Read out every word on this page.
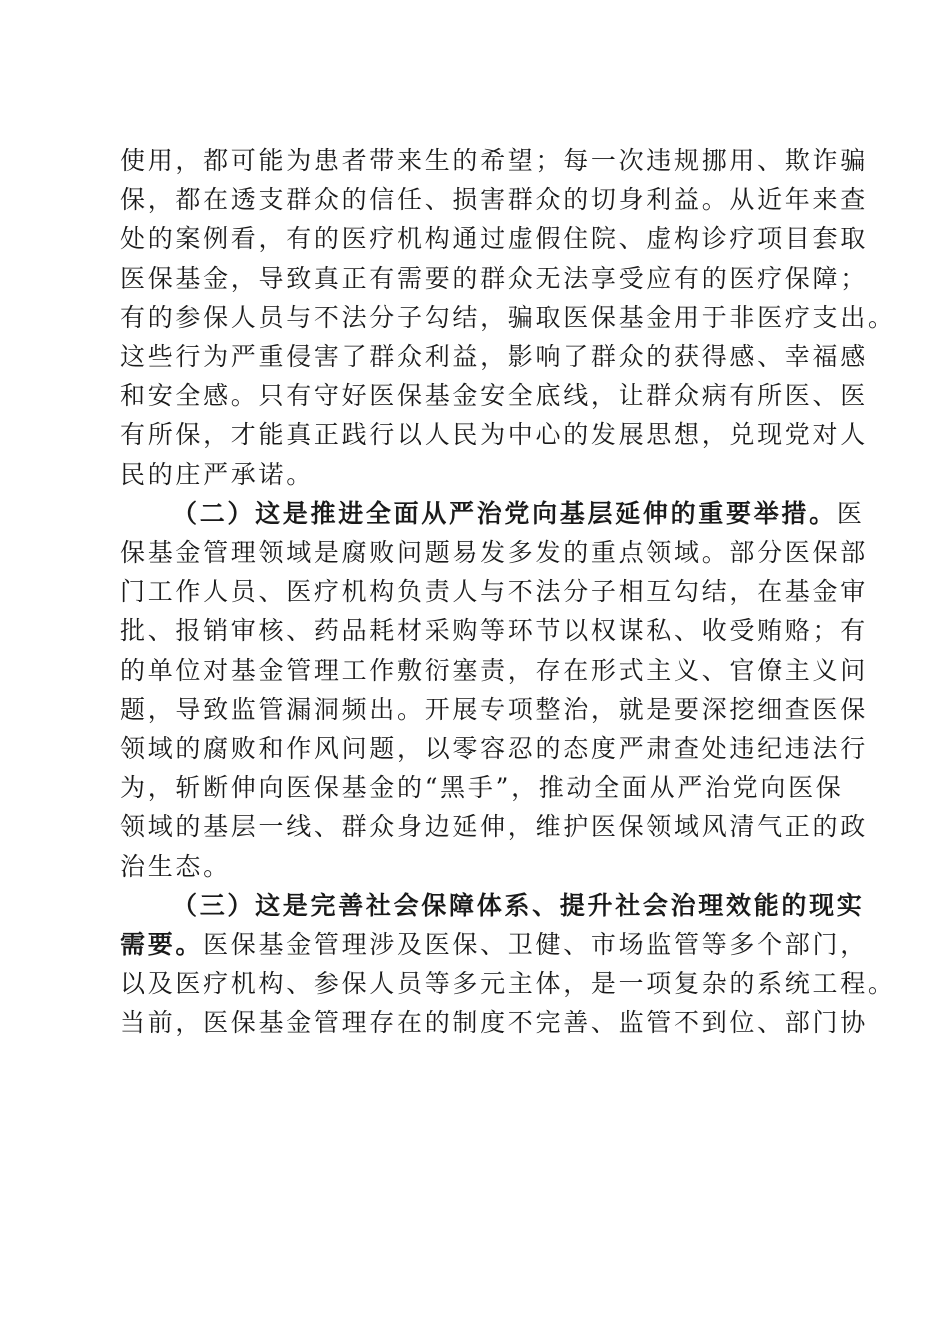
使用，都可能为患者带来生的希望；每一次违规挪用、欺诈骗
保，都在透支群众的信任、损害群众的切身利益。从近年来查
处的案例看，有的医疗机构通过虚假住院、虚构诊疗项目套取
医保基金，导致真正有需要的群众无法享受应有的医疗保障；
有的参保人员与不法分子勾结，骗取医保基金用于非医疗支出。
这些行为严重侵害了群众利益，影响了群众的获得感、幸福感
和安全感。只有守好医保基金安全底线，让群众病有所医、医
有所保，才能真正践行以人民为中心的发展思想，兑现党对人
民的庄严承诺。

（二）这是推进全面从严治党向基层延伸的重要举措。医
保基金管理领域是腐败问题易发多发的重点领域。部分医保部
门工作人员、医疗机构负责人与不法分子相互勾结，在基金审
批、报销审核、药品耗材采购等环节以权谋私、收受贿赂；有
的单位对基金管理工作敷衍塞责，存在形式主义、官僚主义问
题，导致监管漏洞频出。开展专项整治，就是要深挖细查医保
领域的腐败和作风问题，以零容忍的态度严肃查处违纪违法行
为，斩断伸向医保基金的“黑手”，推动全面从严治党向医保
领域的基层一线、群众身边延伸，维护医保领域风清气正的政
治生态。

（三）这是完善社会保障体系、提升社会治理效能的现实
需要。医保基金管理涉及医保、卫健、市场监管等多个部门，
以及医疗机构、参保人员等多元主体，是一项复杂的系统工程。
当前，医保基金管理存在的制度不完善、监管不到位、部门协
